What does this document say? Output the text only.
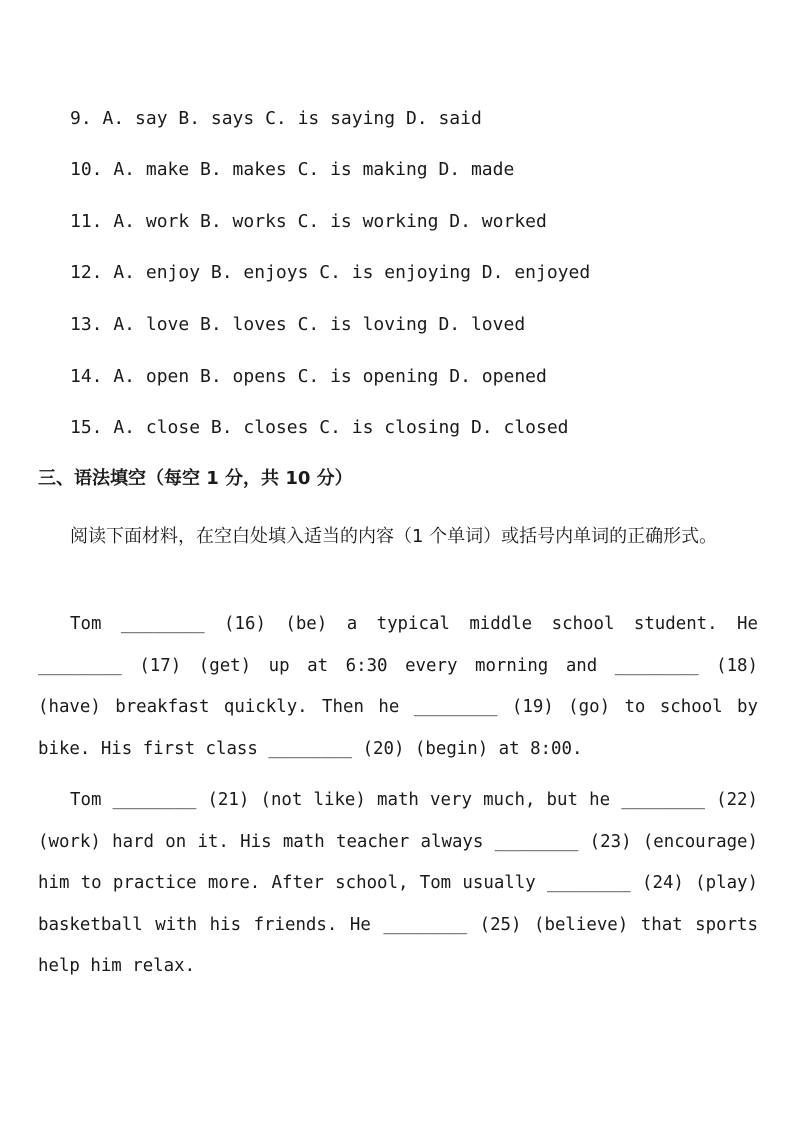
9. A. say B. says C. is saying D. said
10. A. make B. makes C. is making D. made
11. A. work B. works C. is working D. worked
12. A. enjoy B. enjoys C. is enjoying D. enjoyed
13. A. love B. loves C. is loving D. loved
14. A. open B. opens C. is opening D. opened
15. A. close B. closes C. is closing D. closed
三、语法填空（每空 1 分，共 10 分）
阅读下面材料，在空白处填入适当的内容（1 个单词）或括号内单词的正确形式。
Tom ________ (16) (be) a typical middle school student. He ________ (17) (get) up at 6:30 every morning and ________ (18) (have) breakfast quickly. Then he ________ (19) (go) to school by bike. His first class ________ (20) (begin) at 8:00.
Tom ________ (21) (not like) math very much, but he ________ (22) (work) hard on it. His math teacher always ________ (23) (encourage) him to practice more. After school, Tom usually ________ (24) (play) basketball with his friends. He ________ (25) (believe) that sports help him relax.
